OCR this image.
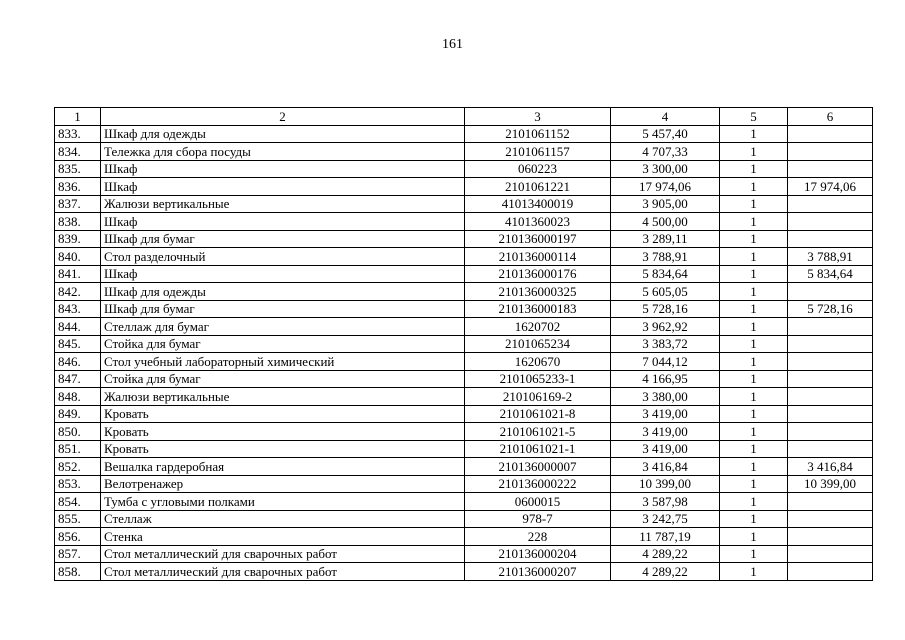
161
1	2	3	4	5	6
833.	Шкаф для одежды	2101061152	5 457,40	1	
834.	Тележка для сбора посуды	2101061157	4 707,33	1	
835.	Шкаф	060223	3 300,00	1	
836.	Шкаф	2101061221	17 974,06	1	17 974,06
837.	Жалюзи вертикальные	41013400019	3 905,00	1	
838.	Шкаф	4101360023	4 500,00	1	
839.	Шкаф для бумаг	210136000197	3 289,11	1	
840.	Стол разделочный	210136000114	3 788,91	1	3 788,91
841.	Шкаф	210136000176	5 834,64	1	5 834,64
842.	Шкаф для одежды	210136000325	5 605,05	1	
843.	Шкаф для бумаг	210136000183	5 728,16	1	5 728,16
844.	Стеллаж для бумаг	1620702	3 962,92	1	
845.	Стойка для бумаг	2101065234	3 383,72	1	
846.	Стол учебный лабораторный химический	1620670	7 044,12	1	
847.	Стойка для бумаг	2101065233-1	4 166,95	1	
848.	Жалюзи вертикальные	210106169-2	3 380,00	1	
849.	Кровать	2101061021-8	3 419,00	1	
850.	Кровать	2101061021-5	3 419,00	1	
851.	Кровать	2101061021-1	3 419,00	1	
852.	Вешалка гардеробная	210136000007	3 416,84	1	3 416,84
853.	Велотренажер	210136000222	10 399,00	1	10 399,00
854.	Тумба с угловыми полками	0600015	3 587,98	1	
855.	Стеллаж	978-7	3 242,75	1	
856.	Стенка	228	11 787,19	1	
857.	Стол металлический для сварочных работ	210136000204	4 289,22	1	
858.	Стол металлический для сварочных работ	210136000207	4 289,22	1	
